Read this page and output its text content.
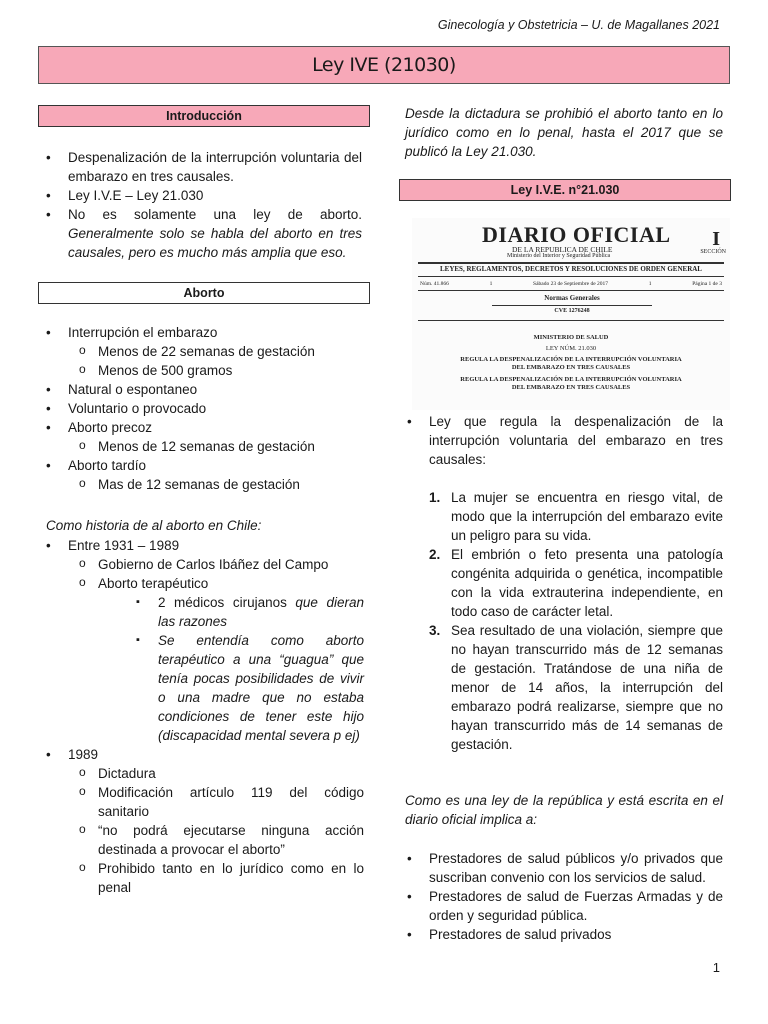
Ginecología y Obstetricia – U. de Magallanes 2021
Ley IVE (21030)
Introducción
• Despenalización de la interrupción voluntaria del embarazo en tres causales.
• Ley I.V.E – Ley 21.030
• No es solamente una ley de aborto. Generalmente solo se habla del aborto en tres causales, pero es mucho más amplia que eso.
Aborto
• Interrupción el embarazo
o Menos de 22 semanas de gestación
o Menos de 500 gramos
• Natural o espontaneo
• Voluntario o provocado
• Aborto precoz
o Menos de 12 semanas de gestación
• Aborto tardío
o Mas de 12 semanas de gestación
Como historia de al aborto en Chile:
• Entre 1931 – 1989
o Gobierno de Carlos Ibáñez del Campo
o Aborto terapéutico
▪ 2 médicos cirujanos que dieran las razones
▪ Se entendía como aborto terapéutico a una “guagua” que tenía pocas posibilidades de vivir o una madre que no estaba condiciones de tener este hijo (discapacidad mental severa p ej)
• 1989
o Dictadura
o Modificación artículo 119 del código sanitario
o “no podrá ejecutarse ninguna acción destinada a provocar el aborto”
o Prohibido tanto en lo jurídico como en lo penal
Desde la dictadura se prohibió el aborto tanto en lo jurídico como en lo penal, hasta el 2017 que se publicó la Ley 21.030.
Ley I.V.E. n°21.030
DIARIO OFICIAL
DE LA REPUBLICA DE CHILE
Ministerio del Interior y Seguridad Pública
I
SECCIÓN
LEYES, REGLAMENTOS, DECRETOS Y RESOLUCIONES DE ORDEN GENERAL
Núm. 41.866	1	Sábado 23 de Septiembre de 2017	1	Página 1 de 3
Normas Generales
CVE 1276248
MINISTERIO DE SALUD
LEY NÚM. 21.030
REGULA LA DESPENALIZACIÓN DE LA INTERRUPCIÓN VOLUNTARIA
DEL EMBARAZO EN TRES CAUSALES
REGULA LA DESPENALIZACIÓN DE LA INTERRUPCIÓN VOLUNTARIA
DEL EMBARAZO EN TRES CAUSALES
• Ley que regula la despenalización de la interrupción voluntaria del embarazo en tres causales:
1. La mujer se encuentra en riesgo vital, de modo que la interrupción del embarazo evite un peligro para su vida.
2. El embrión o feto presenta una patología congénita adquirida o genética, incompatible con la vida extrauterina independiente, en todo caso de carácter letal.
3. Sea resultado de una violación, siempre que no hayan transcurrido más de 12 semanas de gestación. Tratándose de una niña de menor de 14 años, la interrupción del embarazo podrá realizarse, siempre que no hayan transcurrido más de 14 semanas de gestación.
Como es una ley de la república y está escrita en el diario oficial implica a:
• Prestadores de salud públicos y/o privados que suscriban convenio con los servicios de salud.
• Prestadores de salud de Fuerzas Armadas y de orden y seguridad pública.
• Prestadores de salud privados
1
